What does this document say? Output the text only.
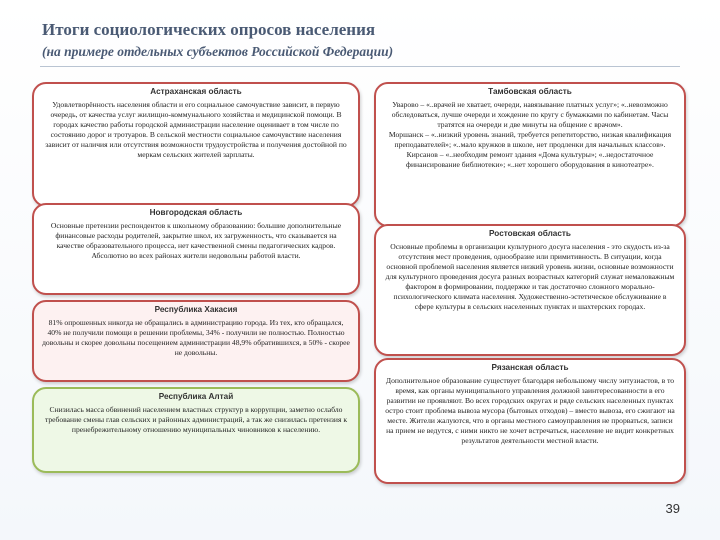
Итоги социологических опросов населения
(на примере отдельных субъектов Российской Федерации)
Астраханская область

Удовлетворённость населения области и его социальное самочувствие зависит, в первую очередь, от качества услуг жилищно-коммунального хозяйства и медицинской помощи. В городах качество работы городской администрации население оценивает в том числе по состоянию дорог и тротуаров. В сельской местности социальное самочувствие населения зависит от наличия или отсутствия возможности трудоустройства и получения достойной по меркам сельских жителей зарплаты.

Новгородская область

Основные претензии респондентов к школьному образованию: большие дополнительные финансовые расходы родителей, закрытие школ, их загруженность, что сказывается на качестве образовательного процесса, нет качественной смены педагогических кадров. Абсолютно во всех районах жители недовольны работой власти.

Республика Хакасия

81% опрошенных никогда не обращались в администрацию города. Из тех, кто обращался, 40% не получили помощи в решении проблемы, 34% - получили не полностью. Полностью довольны и скорее довольны посещением администрации 48,9% обратившихся, в 50% - скорее не довольны.

Республика Алтай

Снизилась масса обвинений населением властных структур в коррупции, заметно ослабло требование смены глав сельских и районных администраций, а так же снизилась претензия к пренебрежительному отношению муниципальных чиновников к населению.

Тамбовская область

Уварово – «..врачей не хватает, очереди, навязывание платных услуг»; «..невозможно обследоваться, лучше очереди и хождение по кругу с бумажками по кабинетам. Часы тратятся на очереди и две минуты на общение с врачом».

Моршанск – «..низкий уровень знаний, требуется репетиторство, низкая квалификация преподавателей»; «..мало кружков в школе, нет продленки для начальных классов».

Кирсанов – «..необходим ремонт здания «Дома культуры»; «..недостаточное финансирование библиотеки»; «..нет хорошего оборудования в кинотеатре».

Ростовская область

Основные проблемы в организации культурного досуга населения - это скудость из-за отсутствия мест проведения, однообразие или примитивность. В ситуации, когда основной проблемой населения является низкий уровень жизни, основные возможности для культурного проведения досуга разных возрастных категорий служат немаловажным фактором в формировании, поддержке и так достаточно сложного морально-психологического климата населения. Художественно-эстетическое обслуживание в сфере культуры в сельских населенных пунктах и шахтерских городах.

Рязанская область

Дополнительное образование существует благодаря небольшому числу энтузиастов, в то время, как органы муниципального управления должной заинтересованности в его развитии не проявляют. Во всех городских округах и ряде сельских населенных пунктах остро стоит проблема вывоза мусора (бытовых отходов) – вместо вывоза, его сжигают на месте. Жители жалуются, что в органы местного самоуправления не прорваться, записи на прием не ведутся, с ними никто не хочет встречаться, население не видит конкретных результатов деятельности местной власти.

39
